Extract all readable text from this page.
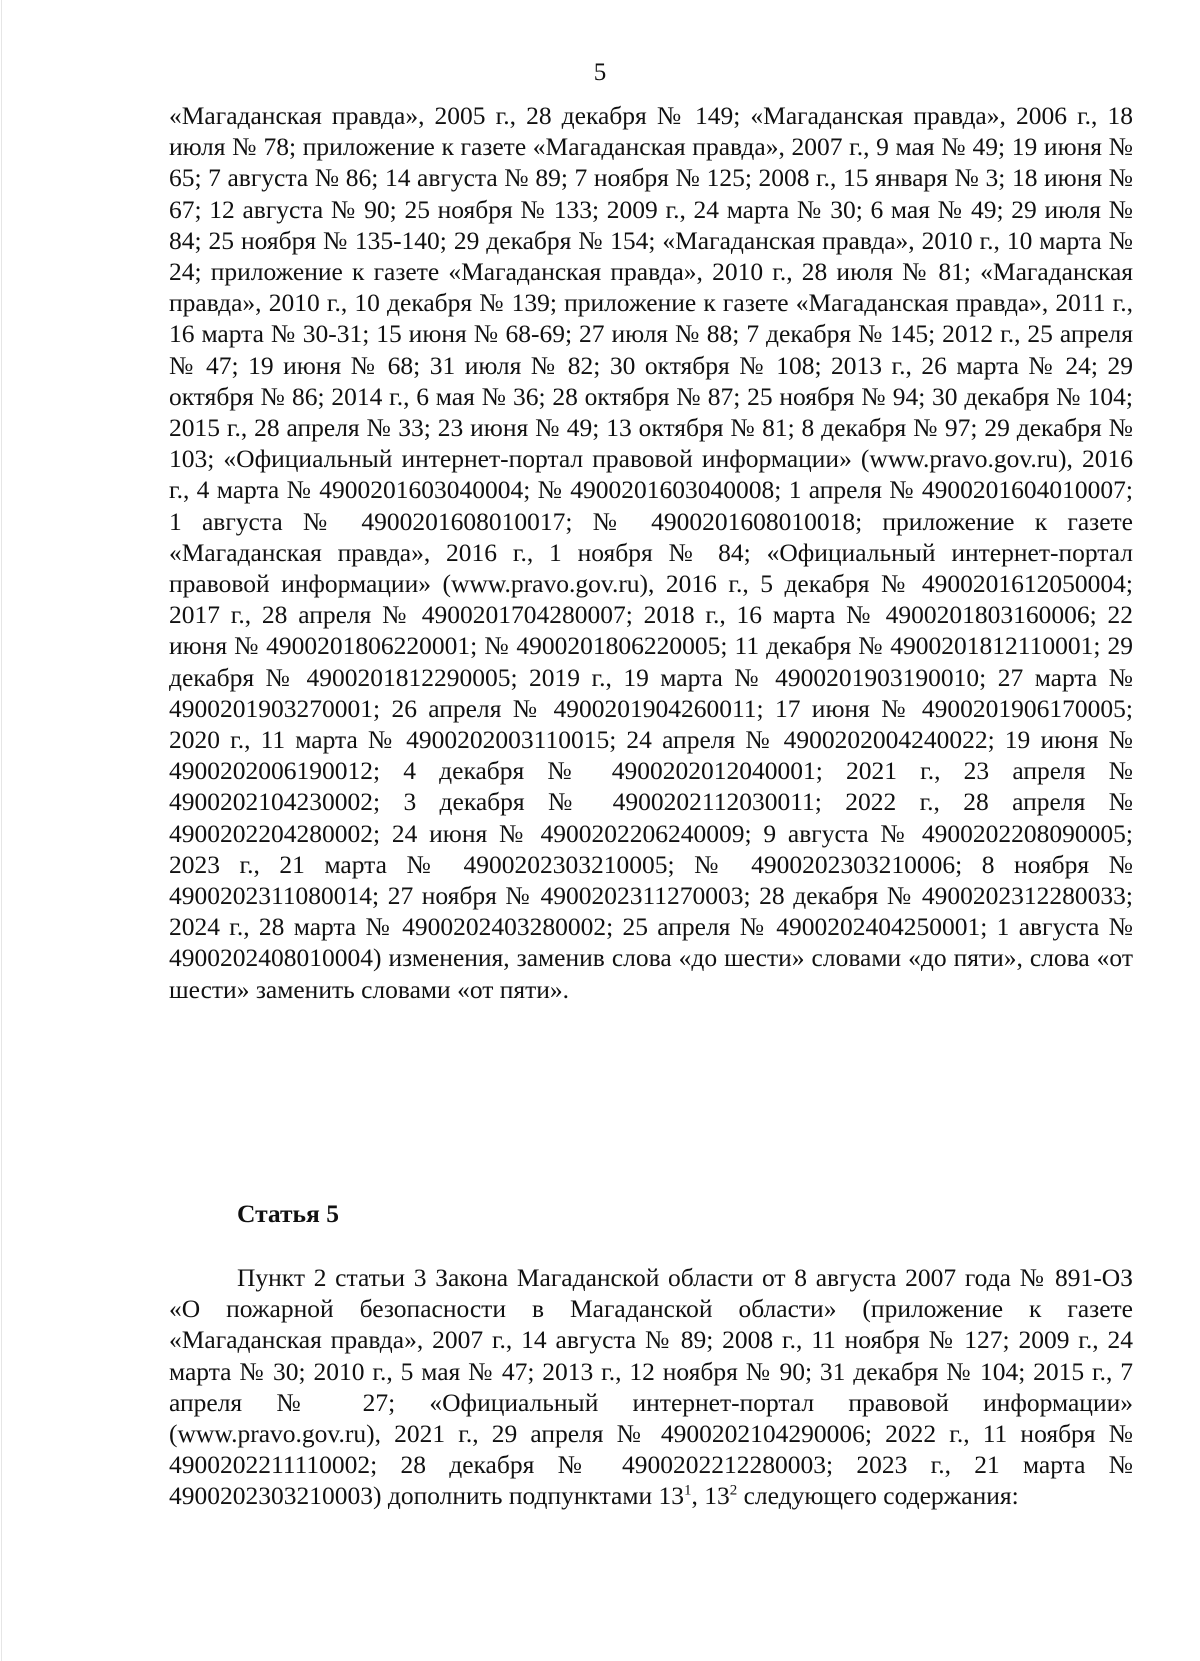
5

«Магаданская правда», 2005 г., 28 декабря № 149; «Магаданская правда», 2006 г., 18 июля № 78; приложение к газете «Магаданская правда», 2007 г., 9 мая № 49; 19 июня № 65; 7 августа № 86; 14 августа № 89; 7 ноября № 125; 2008 г., 15 января № 3; 18 июня № 67; 12 августа № 90; 25 ноября № 133; 2009 г., 24 марта № 30; 6 мая № 49; 29 июля № 84; 25 ноября № 135-140; 29 декабря № 154; «Магаданская правда», 2010 г., 10 марта № 24; приложение к газете «Магаданская правда», 2010 г., 28 июля № 81; «Магаданская правда», 2010 г., 10 декабря № 139; приложение к газете «Магаданская правда», 2011 г., 16 марта № 30-31; 15 июня № 68-69; 27 июля № 88; 7 декабря № 145; 2012 г., 25 апреля № 47; 19 июня № 68; 31 июля № 82; 30 октября № 108; 2013 г., 26 марта № 24; 29 октября № 86; 2014 г., 6 мая № 36; 28 октября № 87; 25 ноября № 94; 30 декабря № 104; 2015 г., 28 апреля № 33; 23 июня № 49; 13 октября № 81; 8 декабря № 97; 29 декабря № 103; «Официальный интернет-портал правовой информации» (www.pravo.gov.ru), 2016 г., 4 марта № 4900201603040004; № 4900201603040008; 1 апреля № 4900201604010007; 1 августа № 4900201608010017; № 4900201608010018; приложение к газете «Магаданская правда», 2016 г., 1 ноября № 84; «Официальный интернет-портал правовой информации» (www.pravo.gov.ru), 2016 г., 5 декабря № 4900201612050004; 2017 г., 28 апреля № 4900201704280007; 2018 г., 16 марта № 4900201803160006; 22 июня № 4900201806220001; № 4900201806220005; 11 декабря № 4900201812110001; 29 декабря № 4900201812290005; 2019 г., 19 марта № 4900201903190010; 27 марта № 4900201903270001; 26 апреля № 4900201904260011; 17 июня № 4900201906170005; 2020 г., 11 марта № 4900202003110015; 24 апреля № 4900202004240022; 19 июня № 4900202006190012; 4 декабря № 4900202012040001; 2021 г., 23 апреля № 4900202104230002; 3 декабря № 4900202112030011; 2022 г., 28 апреля № 4900202204280002; 24 июня № 4900202206240009; 9 августа № 4900202208090005; 2023 г., 21 марта № 4900202303210005; № 4900202303210006; 8 ноября № 4900202311080014; 27 ноября № 4900202311270003; 28 декабря № 4900202312280033; 2024 г., 28 марта № 4900202403280002; 25 апреля № 4900202404250001; 1 августа № 4900202408010004) изменения, заменив слова «до шести» словами «до пяти», слова «от шести» заменить словами «от пяти».

Статья 5

Пункт 2 статьи 3 Закона Магаданской области от 8 августа 2007 года № 891-ОЗ «О пожарной безопасности в Магаданской области» (приложение к газете «Магаданская правда», 2007 г., 14 августа № 89; 2008 г., 11 ноября № 127; 2009 г., 24 марта № 30; 2010 г., 5 мая № 47; 2013 г., 12 ноября № 90; 31 декабря № 104; 2015 г., 7 апреля № 27; «Официальный интернет-портал правовой информации» (www.pravo.gov.ru), 2021 г., 29 апреля № 4900202104290006; 2022 г., 11 ноября № 4900202211110002; 28 декабря № 4900202212280003; 2023 г., 21 марта № 4900202303210003) дополнить подпунктами $13^1$, $13^2$ следующего содержания:
